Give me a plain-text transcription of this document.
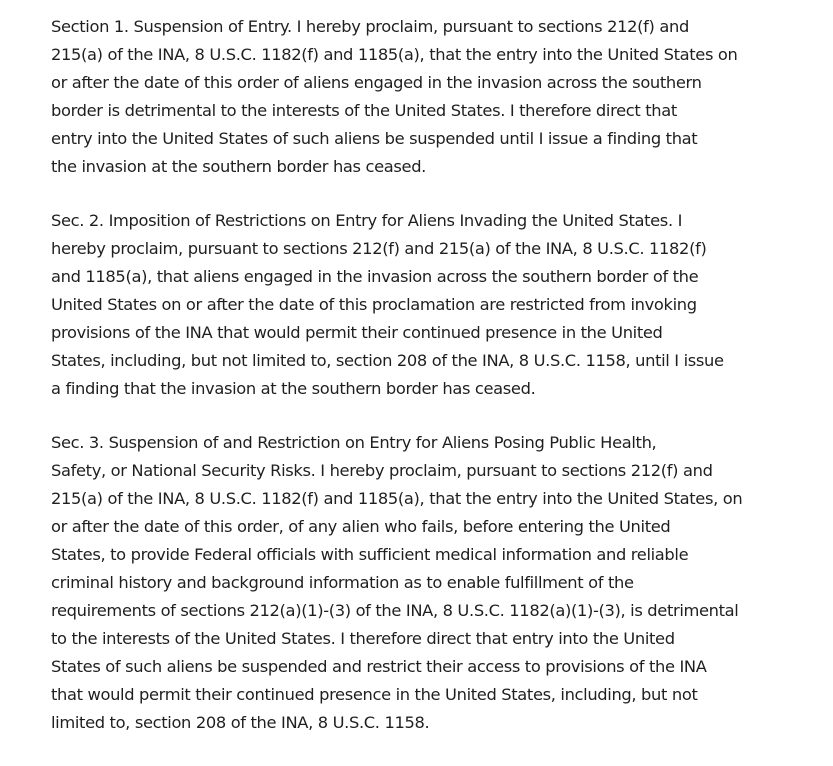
Section 1. Suspension of Entry. I hereby proclaim, pursuant to sections 212(f) and
215(a) of the INA, 8 U.S.C. 1182(f) and 1185(a), that the entry into the United States on
or after the date of this order of aliens engaged in the invasion across the southern
border is detrimental to the interests of the United States. I therefore direct that
entry into the United States of such aliens be suspended until I issue a finding that
the invasion at the southern border has ceased.
Sec. 2. Imposition of Restrictions on Entry for Aliens Invading the United States. I
hereby proclaim, pursuant to sections 212(f) and 215(a) of the INA, 8 U.S.C. 1182(f)
and 1185(a), that aliens engaged in the invasion across the southern border of the
United States on or after the date of this proclamation are restricted from invoking
provisions of the INA that would permit their continued presence in the United
States, including, but not limited to, section 208 of the INA, 8 U.S.C. 1158, until I issue
a finding that the invasion at the southern border has ceased.
Sec. 3. Suspension of and Restriction on Entry for Aliens Posing Public Health,
Safety, or National Security Risks. I hereby proclaim, pursuant to sections 212(f) and
215(a) of the INA, 8 U.S.C. 1182(f) and 1185(a), that the entry into the United States, on
or after the date of this order, of any alien who fails, before entering the United
States, to provide Federal officials with sufficient medical information and reliable
criminal history and background information as to enable fulfillment of the
requirements of sections 212(a)(1)-(3) of the INA, 8 U.S.C. 1182(a)(1)-(3), is detrimental
to the interests of the United States. I therefore direct that entry into the United
States of such aliens be suspended and restrict their access to provisions of the INA
that would permit their continued presence in the United States, including, but not
limited to, section 208 of the INA, 8 U.S.C. 1158.
